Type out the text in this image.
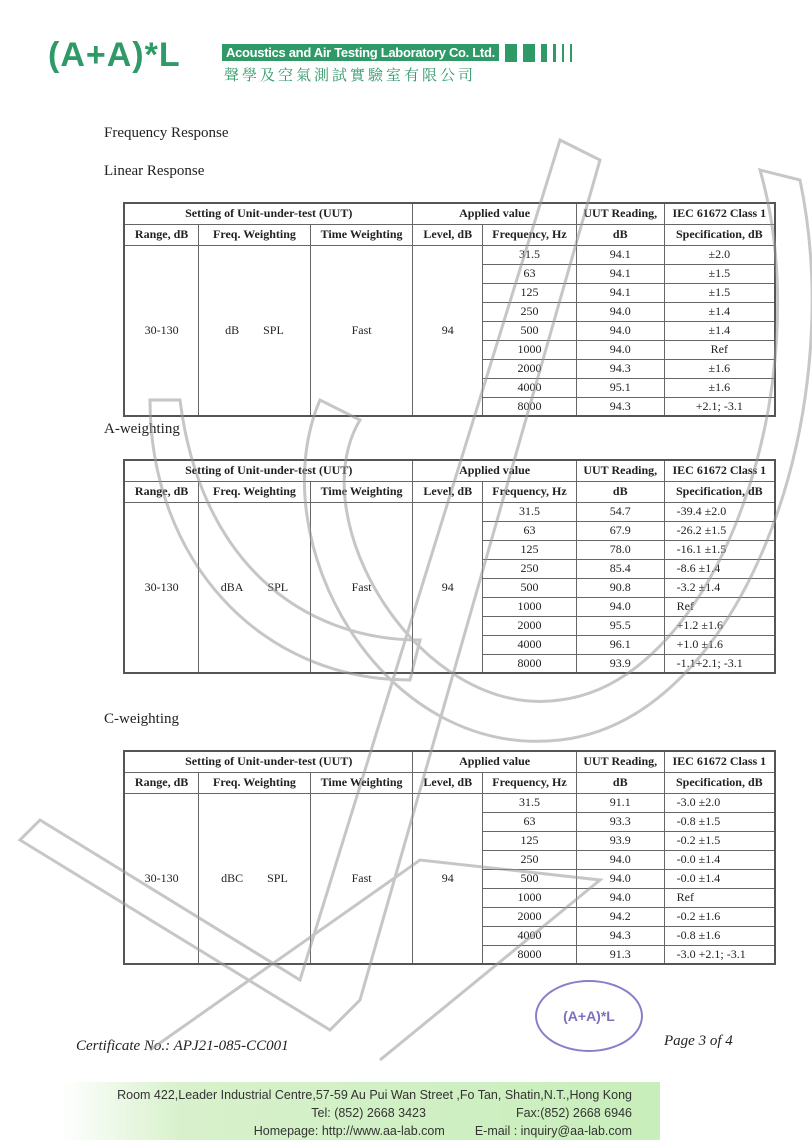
(A+A)*L	Acoustics and Air Testing Laboratory Co. Ltd.
聲學及空氣測試實驗室有限公司
Frequency Response
Linear Response
Setting of Unit-under-test (UUT)			Applied value		UUT Reading,	IEC 61672 Class 1
Range, dB	Freq. Weighting	Time Weighting	Level, dB	Frequency, Hz	dB	Specification, dB
30-130	dB   SPL	Fast	94	31.5	94.1	±2.0
				63	94.1	±1.5
				125	94.1	±1.5
				250	94.0	±1.4
				500	94.0	±1.4
				1000	94.0	Ref
				2000	94.3	±1.6
				4000	95.1	±1.6
				8000	94.3	+2.1; -3.1
A-weighting
Setting of Unit-under-test (UUT)			Applied value		UUT Reading,	IEC 61672 Class 1
Range, dB	Freq. Weighting	Time Weighting	Level, dB	Frequency, Hz	dB	Specification, dB
30-130	dBA   SPL	Fast	94	31.5	54.7	-39.4 ±2.0
				63	67.9	-26.2 ±1.5
				125	78.0	-16.1 ±1.5
				250	85.4	-8.6 ±1.4
				500	90.8	-3.2 ±1.4
				1000	94.0	Ref
				2000	95.5	+1.2 ±1.6
				4000	96.1	+1.0 ±1.6
				8000	93.9	-1.1+2.1; -3.1
C-weighting
Setting of Unit-under-test (UUT)			Applied value		UUT Reading,	IEC 61672 Class 1
Range, dB	Freq. Weighting	Time Weighting	Level, dB	Frequency, Hz	dB	Specification, dB
30-130	dBC   SPL	Fast	94	31.5	91.1	-3.0 ±2.0
				63	93.3	-0.8 ±1.5
				125	93.9	-0.2 ±1.5
				250	94.0	-0.0 ±1.4
				500	94.0	-0.0 ±1.4
				1000	94.0	Ref
				2000	94.2	-0.2 ±1.6
				4000	94.3	-0.8 ±1.6
				8000	91.3	-3.0 +2.1; -3.1
(A+A)*L
Certificate No.: APJ21-085-CC001	Page 3 of 4
Room 422,Leader Industrial Centre,57-59 Au Pui Wan Street ,Fo Tan, Shatin,N.T.,Hong Kong
Tel: (852) 2668 3423	Fax:(852) 2668 6946
Homepage: http://www.aa-lab.com E-mail : inquiry@aa-lab.com
